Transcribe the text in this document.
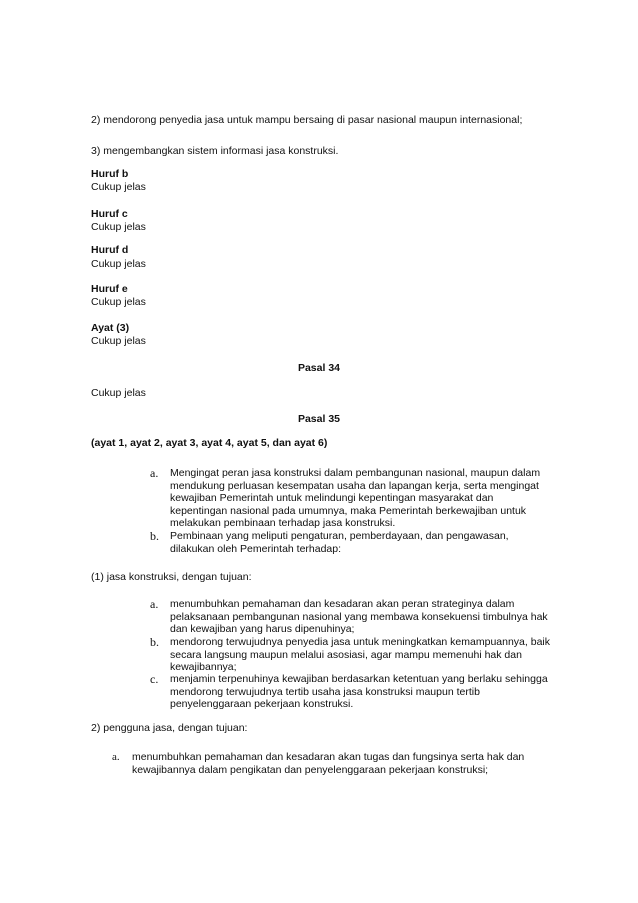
2) mendorong penyedia jasa untuk mampu bersaing di pasar nasional maupun internasional;

3) mengembangkan sistem informasi jasa konstruksi.

Huruf b

Cukup jelas

Huruf c

Cukup jelas

Huruf d

Cukup jelas

Huruf e

Cukup jelas

Ayat (3)

Cukup jelas

Pasal 34

Cukup jelas

Pasal 35

(ayat 1, ayat 2, ayat 3, ayat 4, ayat 5, dan ayat 6)

a. Mengingat peran jasa konstruksi dalam pembangunan nasional, maupun dalam mendukung perluasan kesempatan usaha dan lapangan kerja, serta mengingat kewajiban Pemerintah untuk melindungi kepentingan masyarakat dan kepentingan nasional pada umumnya, maka Pemerintah berkewajiban untuk melakukan pembinaan terhadap jasa konstruksi.
b. Pembinaan yang meliputi pengaturan, pemberdayaan, dan pengawasan, dilakukan oleh Pemerintah terhadap:

(1) jasa konstruksi, dengan tujuan:

a. menumbuhkan pemahaman dan kesadaran akan peran strateginya dalam pelaksanaan pembangunan nasional yang membawa konsekuensi timbulnya hak dan kewajiban yang harus dipenuhinya;
b. mendorong terwujudnya penyedia jasa untuk meningkatkan kemampuannya, baik secara langsung maupun melalui asosiasi, agar mampu memenuhi hak dan kewajibannya;
c. menjamin terpenuhinya kewajiban berdasarkan ketentuan yang berlaku sehingga mendorong terwujudnya tertib usaha jasa konstruksi maupun tertib penyelenggaraan pekerjaan konstruksi.

2) pengguna jasa, dengan tujuan:

a. menumbuhkan pemahaman dan kesadaran akan tugas dan fungsinya serta hak dan kewajibannya dalam pengikatan dan penyelenggaraan pekerjaan konstruksi;
